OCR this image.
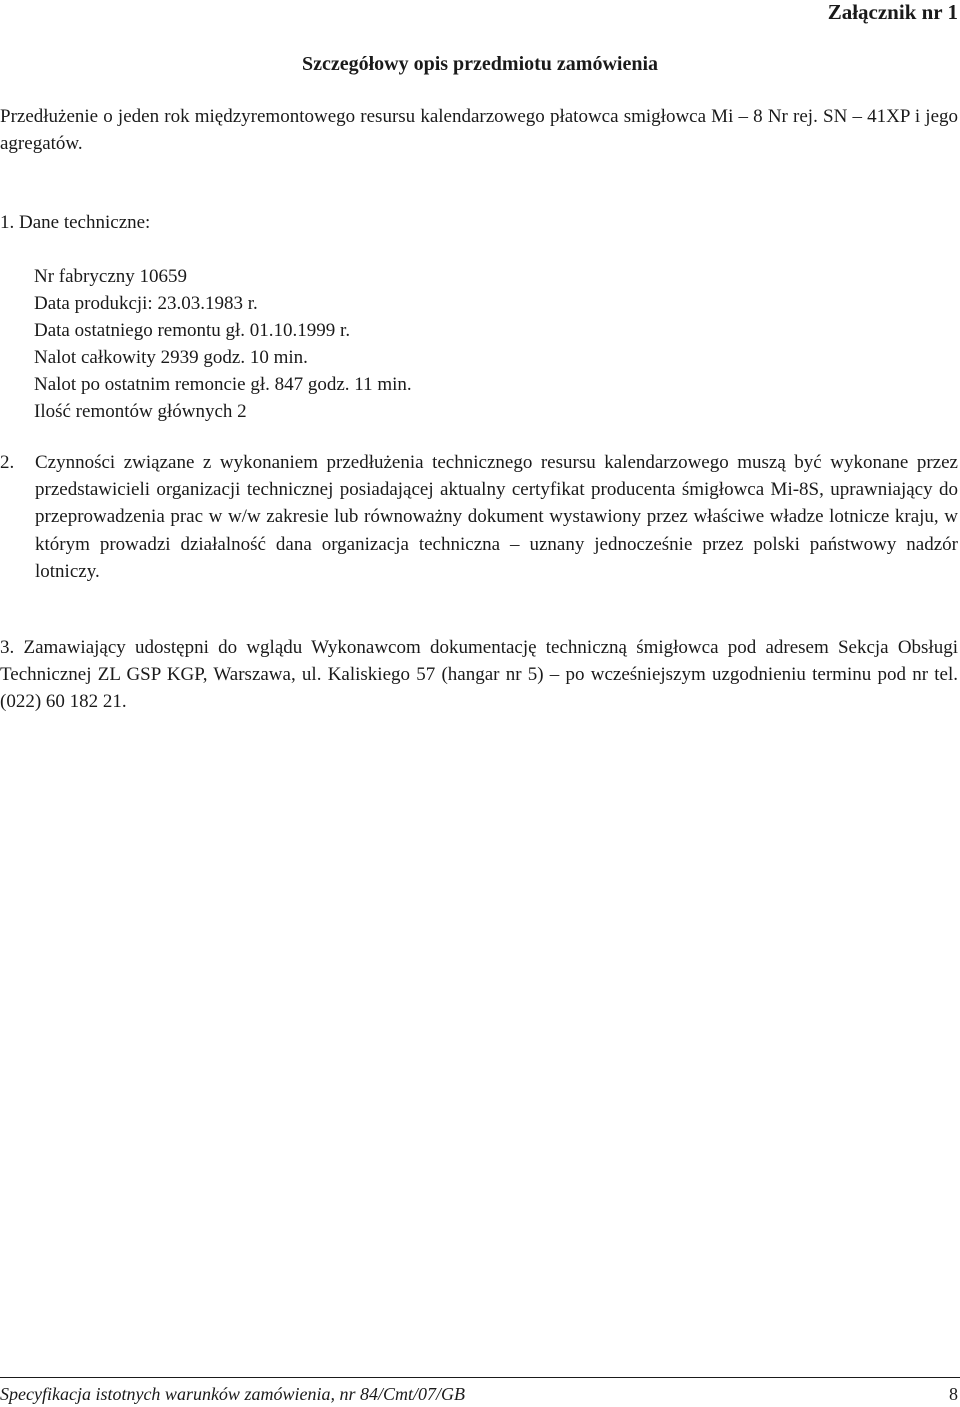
Załącznik nr 1
Szczegółowy opis przedmiotu zamówienia
Przedłużenie o jeden rok międzyremontowego resursu kalendarzowego płatowca smigłowca Mi – 8 Nr rej. SN – 41XP i jego agregatów.
1. Dane techniczne:
Nr fabryczny 10659
Data produkcji: 23.03.1983 r.
Data ostatniego remontu gł. 01.10.1999 r.
Nalot całkowity 2939 godz. 10 min.
Nalot po ostatnim remoncie gł. 847 godz. 11 min.
Ilość remontów głównych 2
2. Czynności związane z wykonaniem przedłużenia technicznego resursu kalendarzowego muszą być wykonane przez przedstawicieli organizacji technicznej posiadającej aktualny certyfikat producenta śmigłowca Mi-8S, uprawniający do przeprowadzenia prac w w/w zakresie lub równoważny dokument wystawiony przez właściwe władze lotnicze kraju, w którym prowadzi działalność dana organizacja techniczna – uznany jednocześnie przez polski państwowy nadzór lotniczy.
3. Zamawiający udostępni do wglądu Wykonawcom dokumentację techniczną śmigłowca pod adresem Sekcja Obsługi Technicznej ZL GSP KGP, Warszawa, ul. Kaliskiego 57 (hangar nr 5) – po wcześniejszym uzgodnieniu terminu pod nr tel. (022) 60 182 21.
Specyfikacja istotnych warunków zamówienia, nr 84/Cmt/07/GB	8
